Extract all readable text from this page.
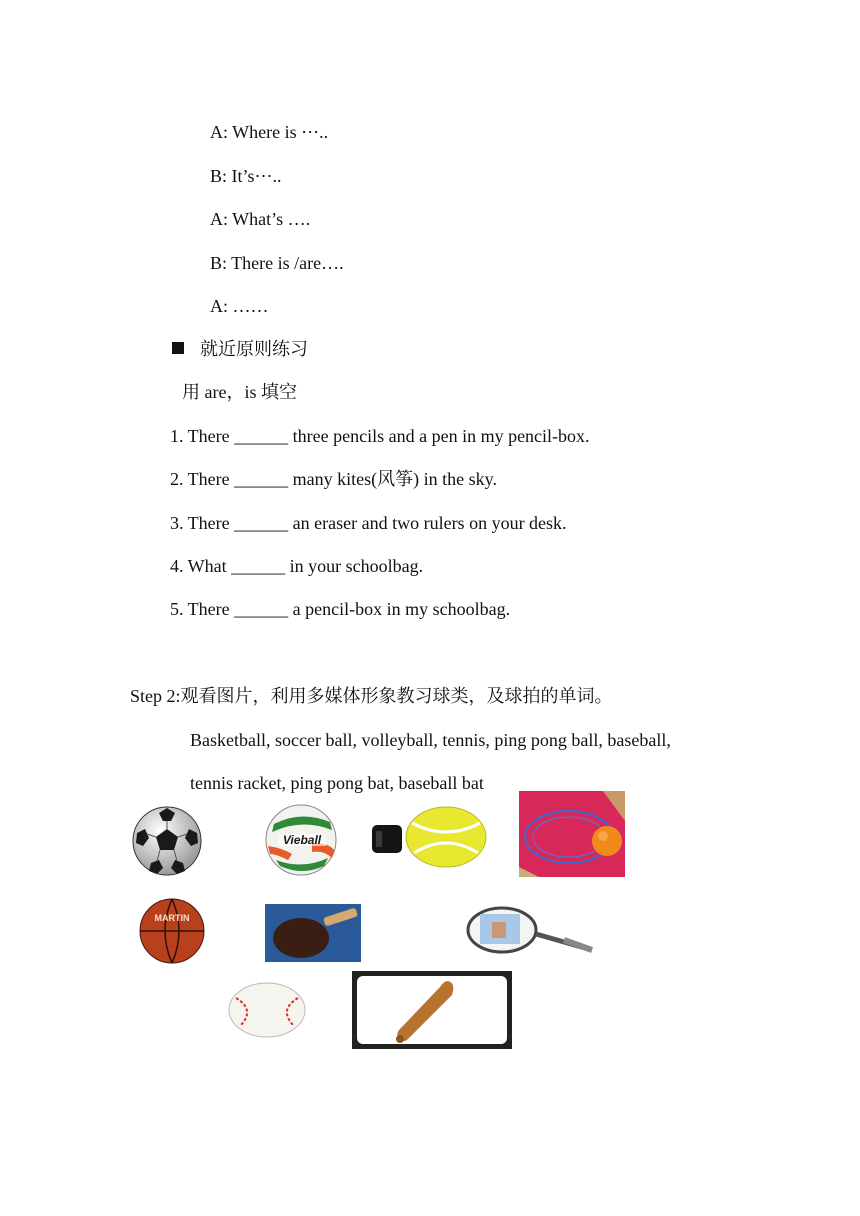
A: Where is ⋯..
B: It’s⋯..
A: What’s ….
B: There is /are….
A: ……
就近原则练习
用 are，is 填空
1. There ______ three pencils and a pen in my pencil-box.
2. There ______ many kites(风筝) in the sky.
3. There ______ an eraser and two rulers on your desk.
4. What ______ in your schoolbag.
5. There ______ a pencil-box in my schoolbag.
Step 2:观看图片，利用多媒体形象教习球类，及球拍的单词。
Basketball, soccer ball, volleyball, tennis, ping pong ball, baseball,
tennis racket, ping pong bat, baseball bat
Vieball
MARTIN
